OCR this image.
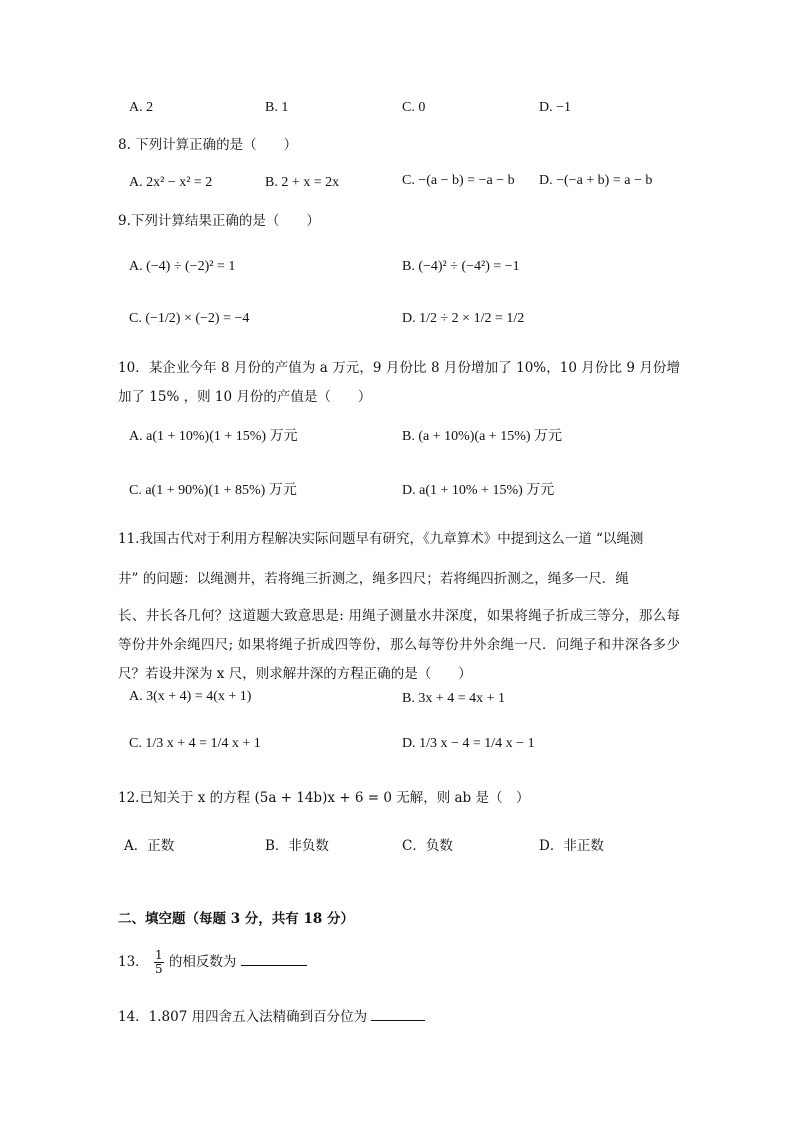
A. 2	B. 1	C. 0	D. −1
8. 下列计算正确的是（　　）
A. 2x² − x² = 2	B. 2 + x = 2x	C. −(a − b) = −a − b D. −(−a + b) = a − b
9.下列计算结果正确的是（　　）
A. (−4) ÷ (−2)² = 1	B. (−4)² ÷ (−4²) = −1
C. (−1/2) × (−2) = −4	D. 1/2 ÷ 2 × 1/2 = 1/2
10．某企业今年 8 月份的产值为 a 万元，9 月份比 8 月份增加了 10%，10 月份比 9 月份增加了 15% ，则 10 月份的产值是（　　）
A. a(1 + 10%)(1 + 15%) 万元	B. (a + 10%)(a + 15%) 万元
C. a(1 + 90%)(1 + 85%) 万元	D. a(1 + 10% + 15%) 万元
11.我国古代对于利用方程解决实际问题早有研究，《九章算术》中提到这么一道 “以绳测
井” 的问题：以绳测井，若将绳三折测之，绳多四尺；若将绳四折测之，绳多一尺．绳
长、井长各几何？这道题大致意思是: 用绳子测量水井深度，如果将绳子折成三等分，那么每等份井外余绳四尺; 如果将绳子折成四等份，那么每等份井外余绳一尺．问绳子和井深各多少尺？若设井深为 x 尺，则求解井深的方程正确的是（　　）
A. 3(x + 4) = 4(x + 1)	B. 3x + 4 = 4x + 1
C. 1/3 x + 4 = 1/4 x + 1	D. 1/3 x − 4 = 1/4 x − 1
12.已知关于 x 的方程 (5a + 14b)x + 6 = 0 无解，则 ab 是（　）
A．正数	B．非负数	C．负数	D．非正数
二、填空题（每题 3 分，共有 18 分）
13． $\frac{1}{5}$ 的相反数为
14．1.807 用四舍五入法精确到百分位为
